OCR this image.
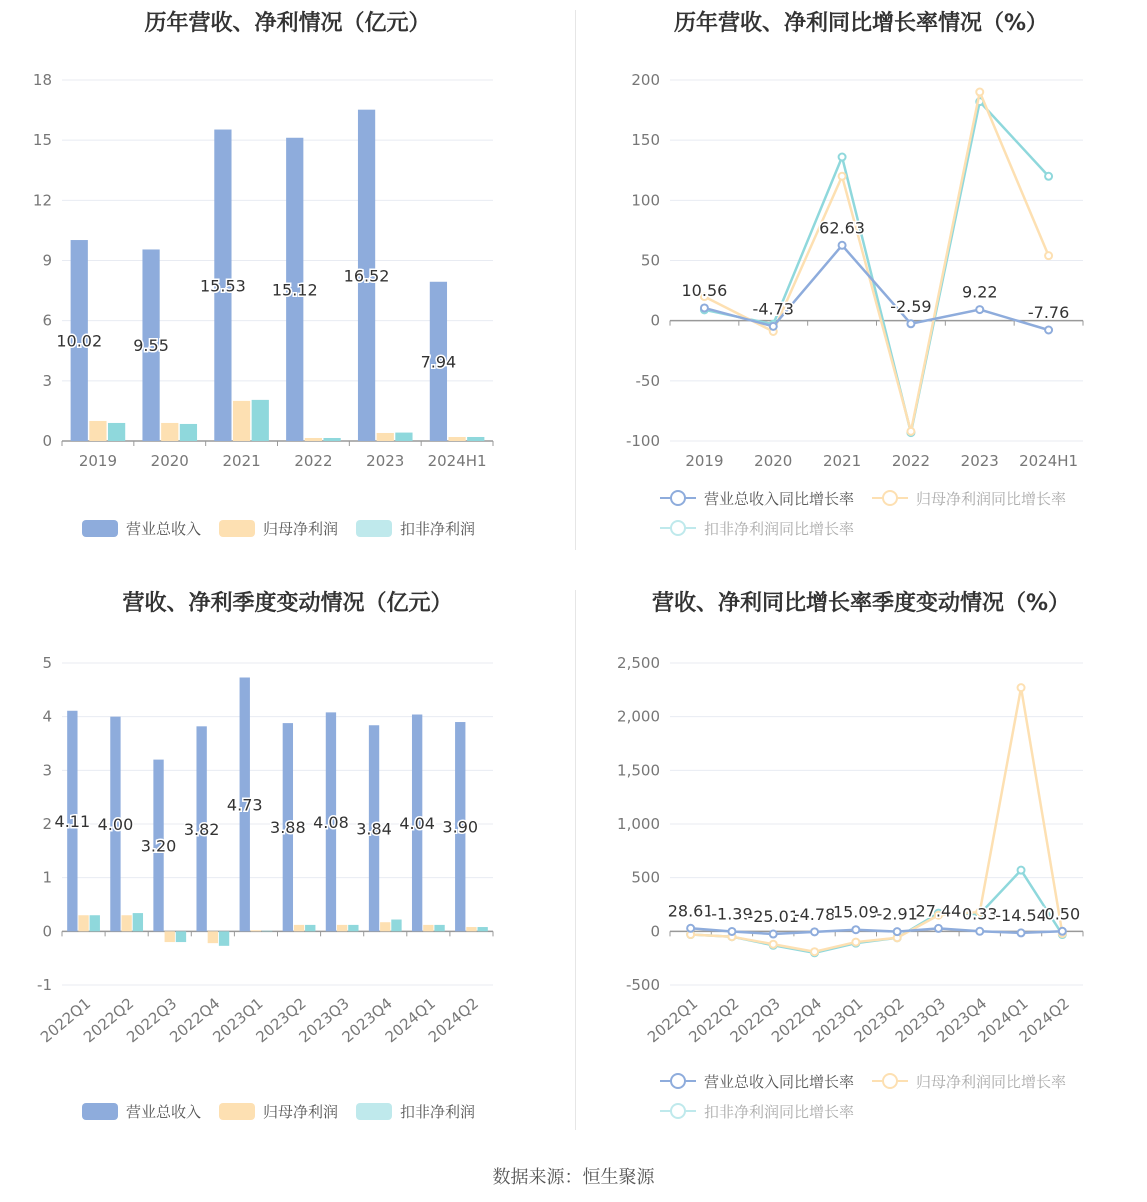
历年营收、净利情况（亿元）
0
3
6
9
12
15
18
2019 2020 2021 2022 2023 2024H1
10.02 9.55
15.53 15.12
16.52
7.94
营业总收入	归母净利润	扣非净利润
历年营收、净利同比增长率情况（%）
-100
-50
0
50
100
150
200
2019 2020 2021 2022 2023 2024H1
10.56
-4.73
62.63
-2.59
9.22
-7.76
营业总收入同比增长率	归母净利润同比增长率
扣非净利润同比增长率
营收、净利季度变动情况（亿元）
-1
0
1
2
3
4
5
2022Q1
2022Q2
2022Q3
2022Q4
2023Q1
2023Q2
2023Q3
2023Q4
2024Q1
2024Q2
4.11 4.00
3.20
3.82
4.73
3.88 4.08 3.84 4.04 3.90
营业总收入	归母净利润	扣非净利润
营收、净利同比增长率季度变动情况（%）
-500
0
500
1,000
1,500
2,000
2,500
2022Q1
2022Q2
2022Q3
2022Q4
2023Q1
2023Q2
2023Q3
2023Q4
2024Q1
2024Q2
28.61
-1.39
-25.01
-4.78
15.09
-2.91
27.44 0.33
-14.54
0.50
营业总收入同比增长率	归母净利润同比增长率
扣非净利润同比增长率
数据来源：恒生聚源
